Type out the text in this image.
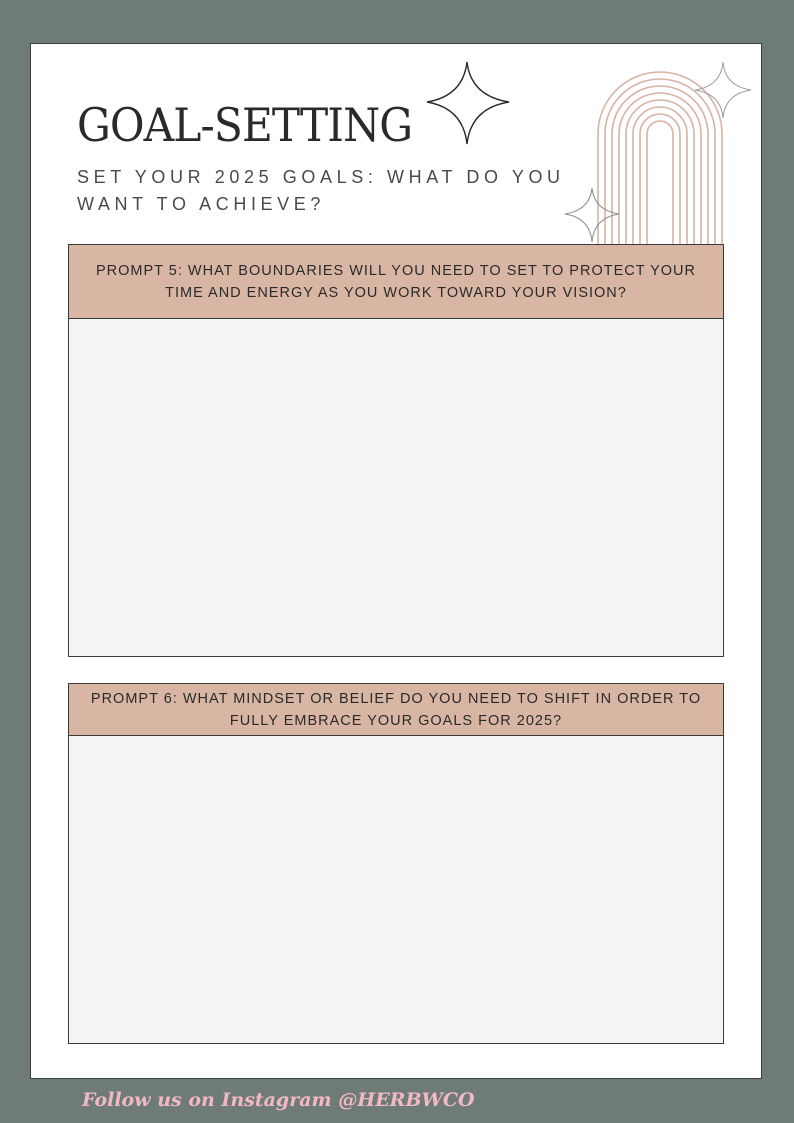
GOAL-SETTING

SET YOUR 2025 GOALS: WHAT DO YOU WANT TO ACHIEVE?

PROMPT 5: WHAT BOUNDARIES WILL YOU NEED TO SET TO PROTECT YOUR TIME AND ENERGY AS YOU WORK TOWARD YOUR VISION?
PROMPT 6: WHAT MINDSET OR BELIEF DO YOU NEED TO SHIFT IN ORDER TO FULLY EMBRACE YOUR GOALS FOR 2025?
Follow us on Instagram @HERBWCO
